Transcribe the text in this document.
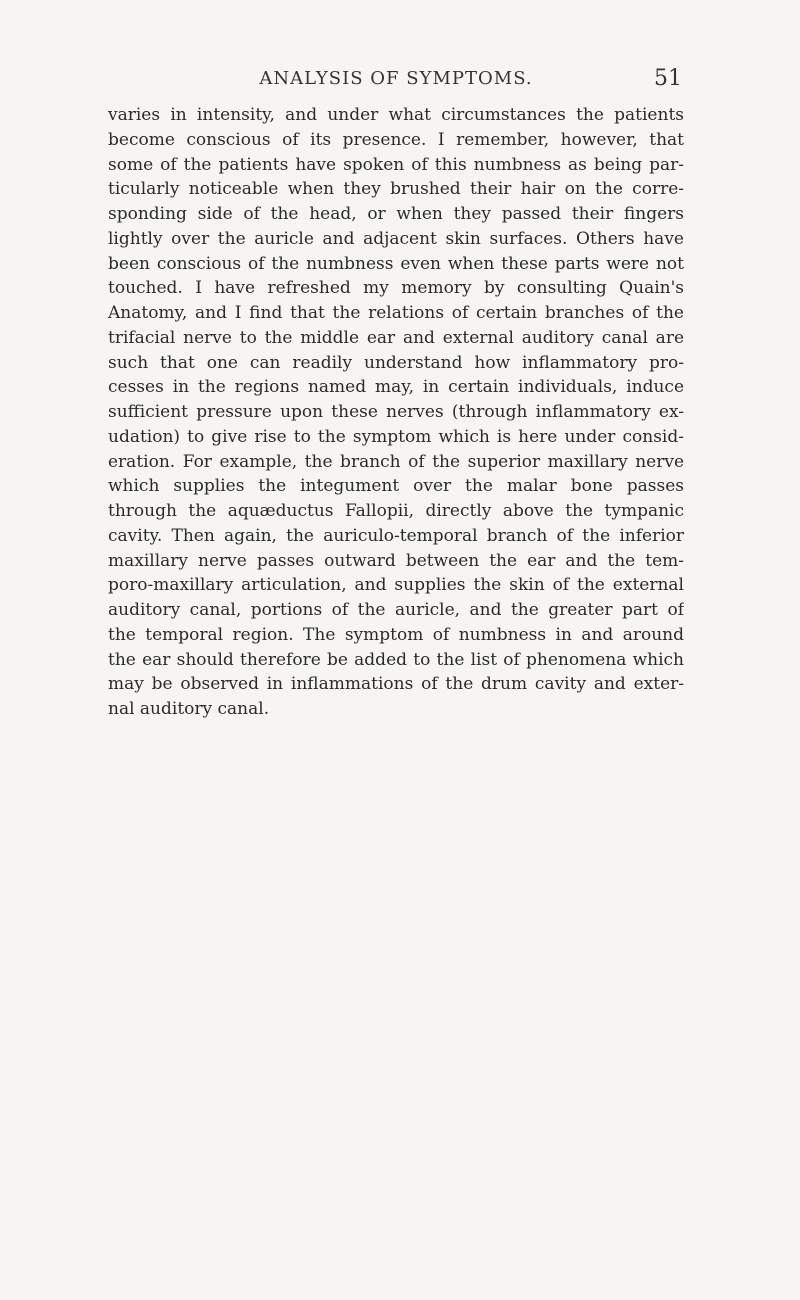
ANALYSIS OF SYMPTOMS.	51
varies in intensity, and under what circumstances the patients
become conscious of its presence. I remember, however, that
some of the patients have spoken of this numbness as being par-
ticularly noticeable when they brushed their hair on the corre-
sponding side of the head, or when they passed their fingers
lightly over the auricle and adjacent skin surfaces. Others have
been conscious of the numbness even when these parts were not
touched. I have refreshed my memory by consulting Quain's
Anatomy, and I find that the relations of certain branches of the
trifacial nerve to the middle ear and external auditory canal are
such that one can readily understand how inflammatory pro-
cesses in the regions named may, in certain individuals, induce
sufficient pressure upon these nerves (through inflammatory ex-
udation) to give rise to the symptom which is here under consid-
eration. For example, the branch of the superior maxillary nerve
which supplies the integument over the malar bone passes
through the aquæductus Fallopii, directly above the tympanic
cavity. Then again, the auriculo-temporal branch of the inferior
maxillary nerve passes outward between the ear and the tem-
poro-maxillary articulation, and supplies the skin of the external
auditory canal, portions of the auricle, and the greater part of
the temporal region. The symptom of numbness in and around
the ear should therefore be added to the list of phenomena which
may be observed in inflammations of the drum cavity and exter-
nal auditory canal.
